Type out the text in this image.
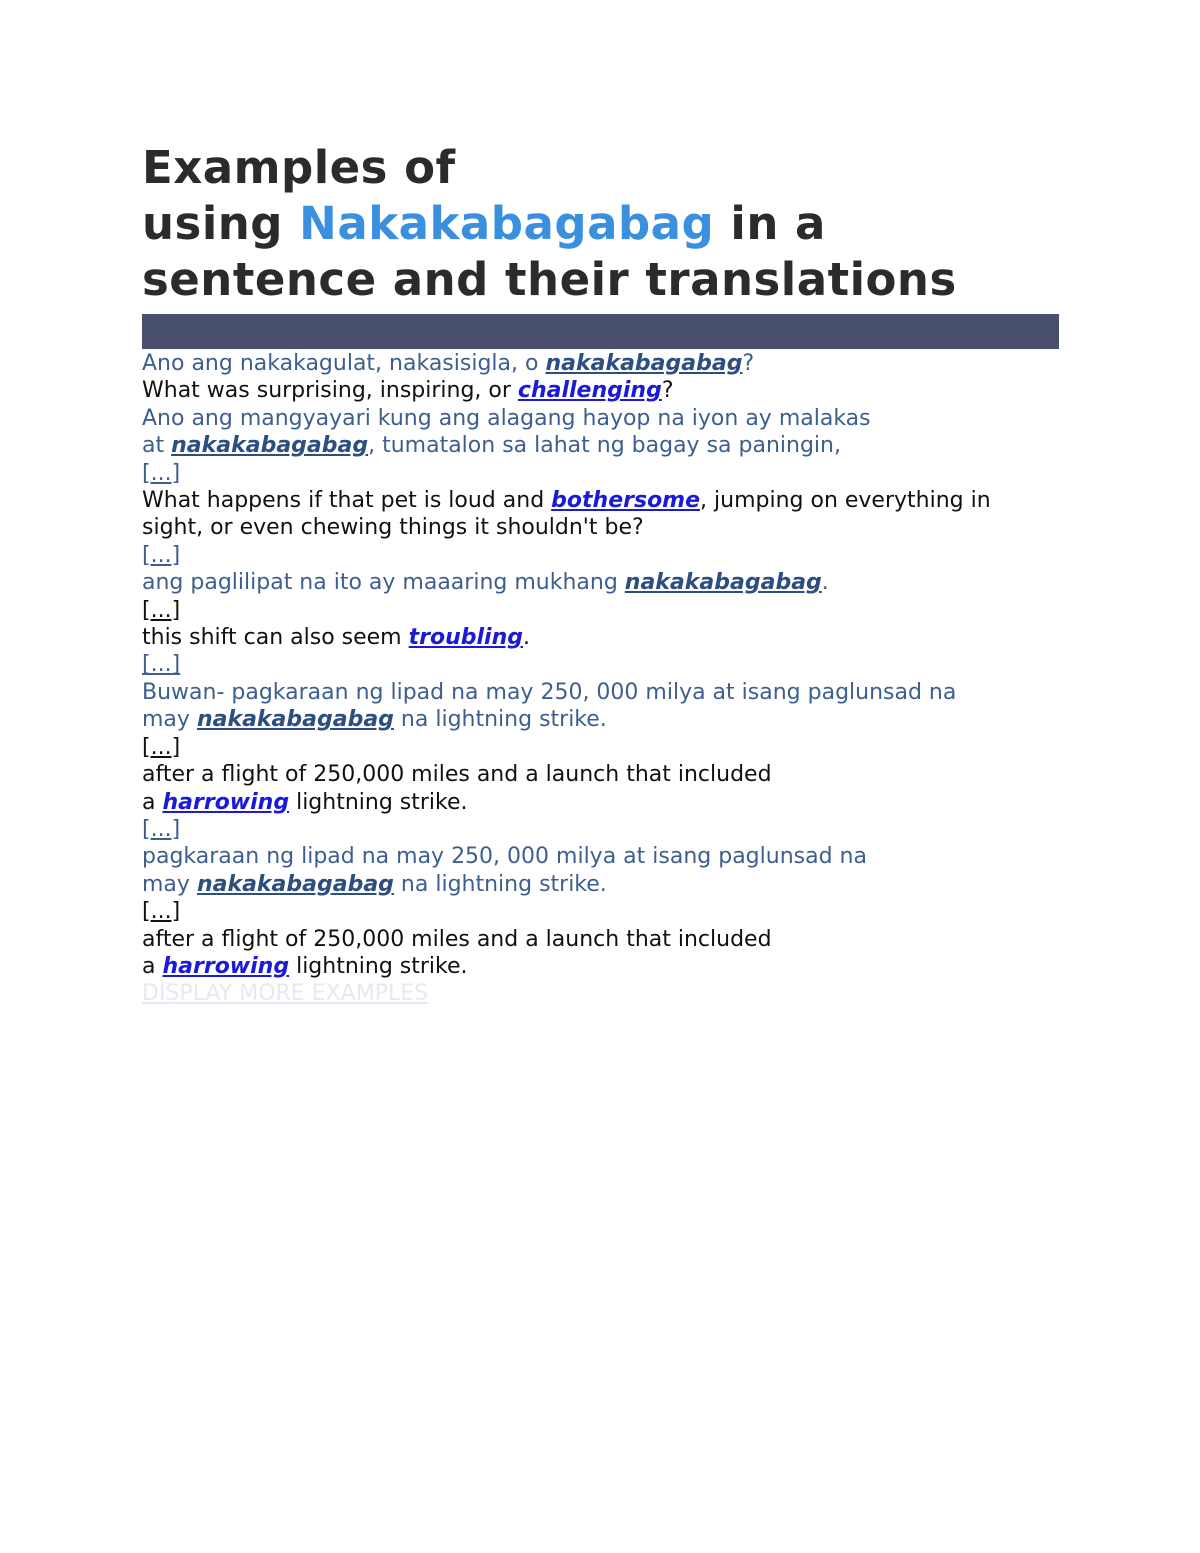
Examples of
using Nakakabagabag in a
sentence and their translations
Ano ang nakakagulat, nakasisigla, o nakakabagabag?
What was surprising, inspiring, or challenging?
Ano ang mangyayari kung ang alagang hayop na iyon ay malakas
at nakakabagabag, tumatalon sa lahat ng bagay sa paningin,
[...]
What happens if that pet is loud and bothersome, jumping on everything in
sight, or even chewing things it shouldn't be?
[...]
ang paglilipat na ito ay maaaring mukhang nakakabagabag.
[...]
this shift can also seem troubling.
[...]
Buwan- pagkaraan ng lipad na may 250, 000 milya at isang paglunsad na
may nakakabagabag na lightning strike.
[...]
after a flight of 250,000 miles and a launch that included
a harrowing lightning strike.
[...]
pagkaraan ng lipad na may 250, 000 milya at isang paglunsad na
may nakakabagabag na lightning strike.
[...]
after a flight of 250,000 miles and a launch that included
a harrowing lightning strike.
DISPLAY MORE EXAMPLES
